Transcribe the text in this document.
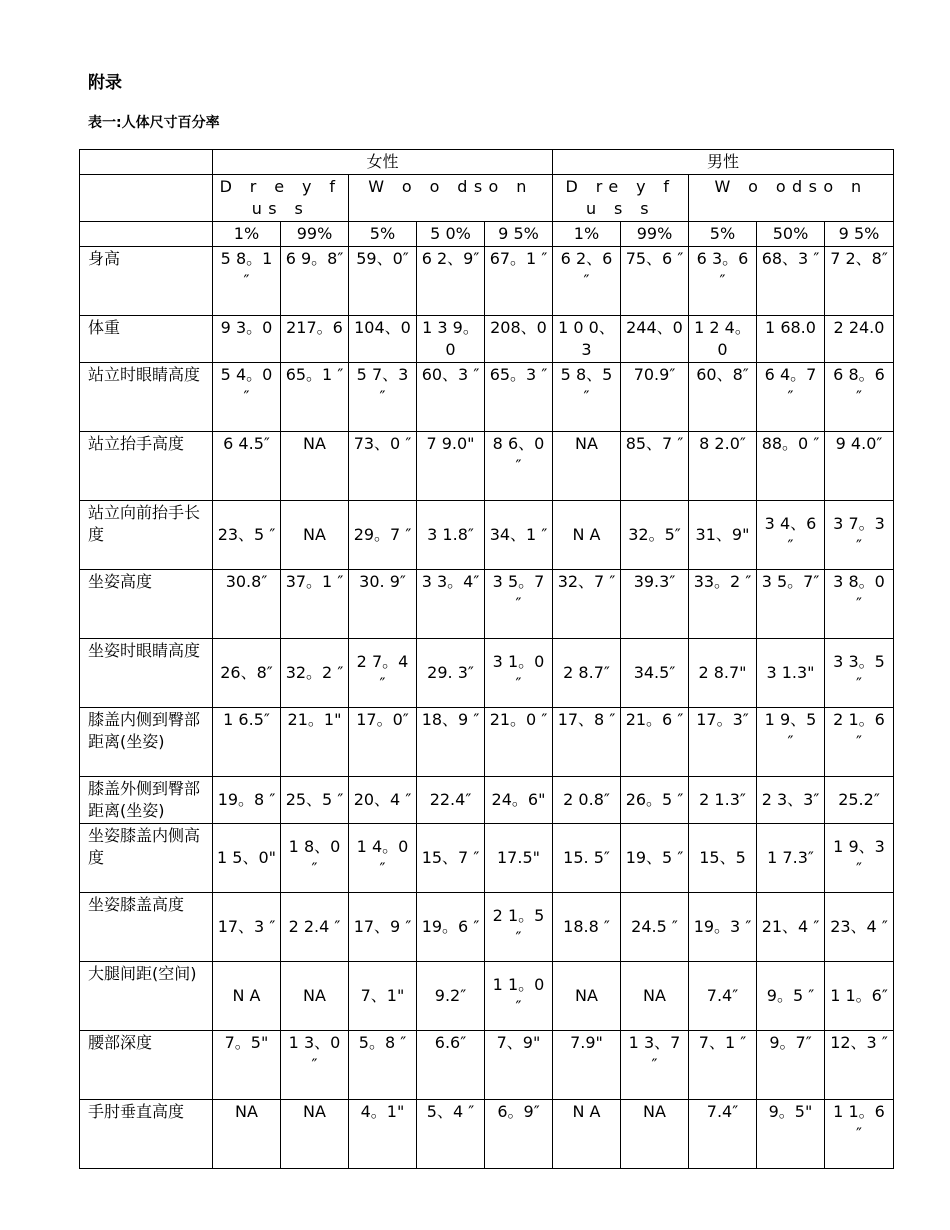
附录
表一:人体尺寸百分率
	女性					男性				
	D r e y f us s		W o o dso n			D re y f u s s		W o odso n		
	1%	99%	5%	5 0%	9 5%	1%	99%	5%	50%	9 5%
身高	5 8。1 ″	6 9。8″	59、0″	6 2、9″	67。1 ″	6 2、6 ″	75、6 ″	6 3。6 ″	68、3 ″	7 2、8″
体重	9 3。0	217。6	104、0	1 3 9。0	208、0	1 0 0、3	244、0	1 2 4。0	1 68.0	2 24.0
站立时眼睛高度	5 4。0 ″	65。1 ″	5 7、3 ″	60、3 ″	65。3 ″	5 8、5 ″	70.9″	60、8″	6 4。7 ″	6 8。6 ″
站立抬手高度	6 4.5″	NA	73、0 ″	7 9.0"	8 6、0 ″	NA	85、7 ″	8 2.0″	88。0 ″	9 4.0″
站立向前抬手长度	23、5 ″	NA	29。7 ″	3 1.8″	34、1 ″	N A	32。5″	31、9"	3 4、6 ″	3 7。3 ″
坐姿高度	30.8″	37。1 ″	30. 9″	3 3。4″	3 5。7 ″	32、7 ″	39.3″	33。2 ″	3 5。7″	3 8。0 ″
坐姿时眼睛高度	26、8″	32。2 ″	2 7。4 ″	29. 3″	3 1。0 ″	2 8.7″	34.5″	2 8.7"	3 1.3"	3 3。5 ″
膝盖内侧到臀部距离(坐姿)	1 6.5″	21。1"	17。0″	18、9 ″	21。0 ″	17、8 ″	21。6 ″	17。3″	1 9、5 ″	2 1。6 ″
膝盖外侧到臀部距离(坐姿)	19。8 ″	25、5 ″	20、4 ″	22.4″	24。6"	2 0.8″	26。5 ″	2 1.3″	2 3、3″	25.2″
坐姿膝盖内侧高度	1 5、0"	1 8、0 ″	1 4。0 ″	15、7 ″	17.5"	15. 5″	19、5 ″	15、5	1 7.3″	1 9、3 ″
坐姿膝盖高度	17、3 ″	2 2.4 ″	17、9 ″	19。6 ″	2 1。5 ″	18.8 ″	24.5 ″	19。3 ″	21、4 ″	23、4 ″
大腿间距(空间)	N A	NA	7、1"	9.2″	1 1。0 ″	NA	NA	7.4″	9。5 ″	1 1。6″
腰部深度	7。5"	1 3、0 ″	5。8 ″	6.6″	7、9"	7.9"	1 3、7 ″	7、1 ″	9。7″	12、3 ″
手肘垂直高度	NA	NA	4。1"	5、4 ″	6。9″	N A	NA	7.4″	9。5"	1 1。6 ″
